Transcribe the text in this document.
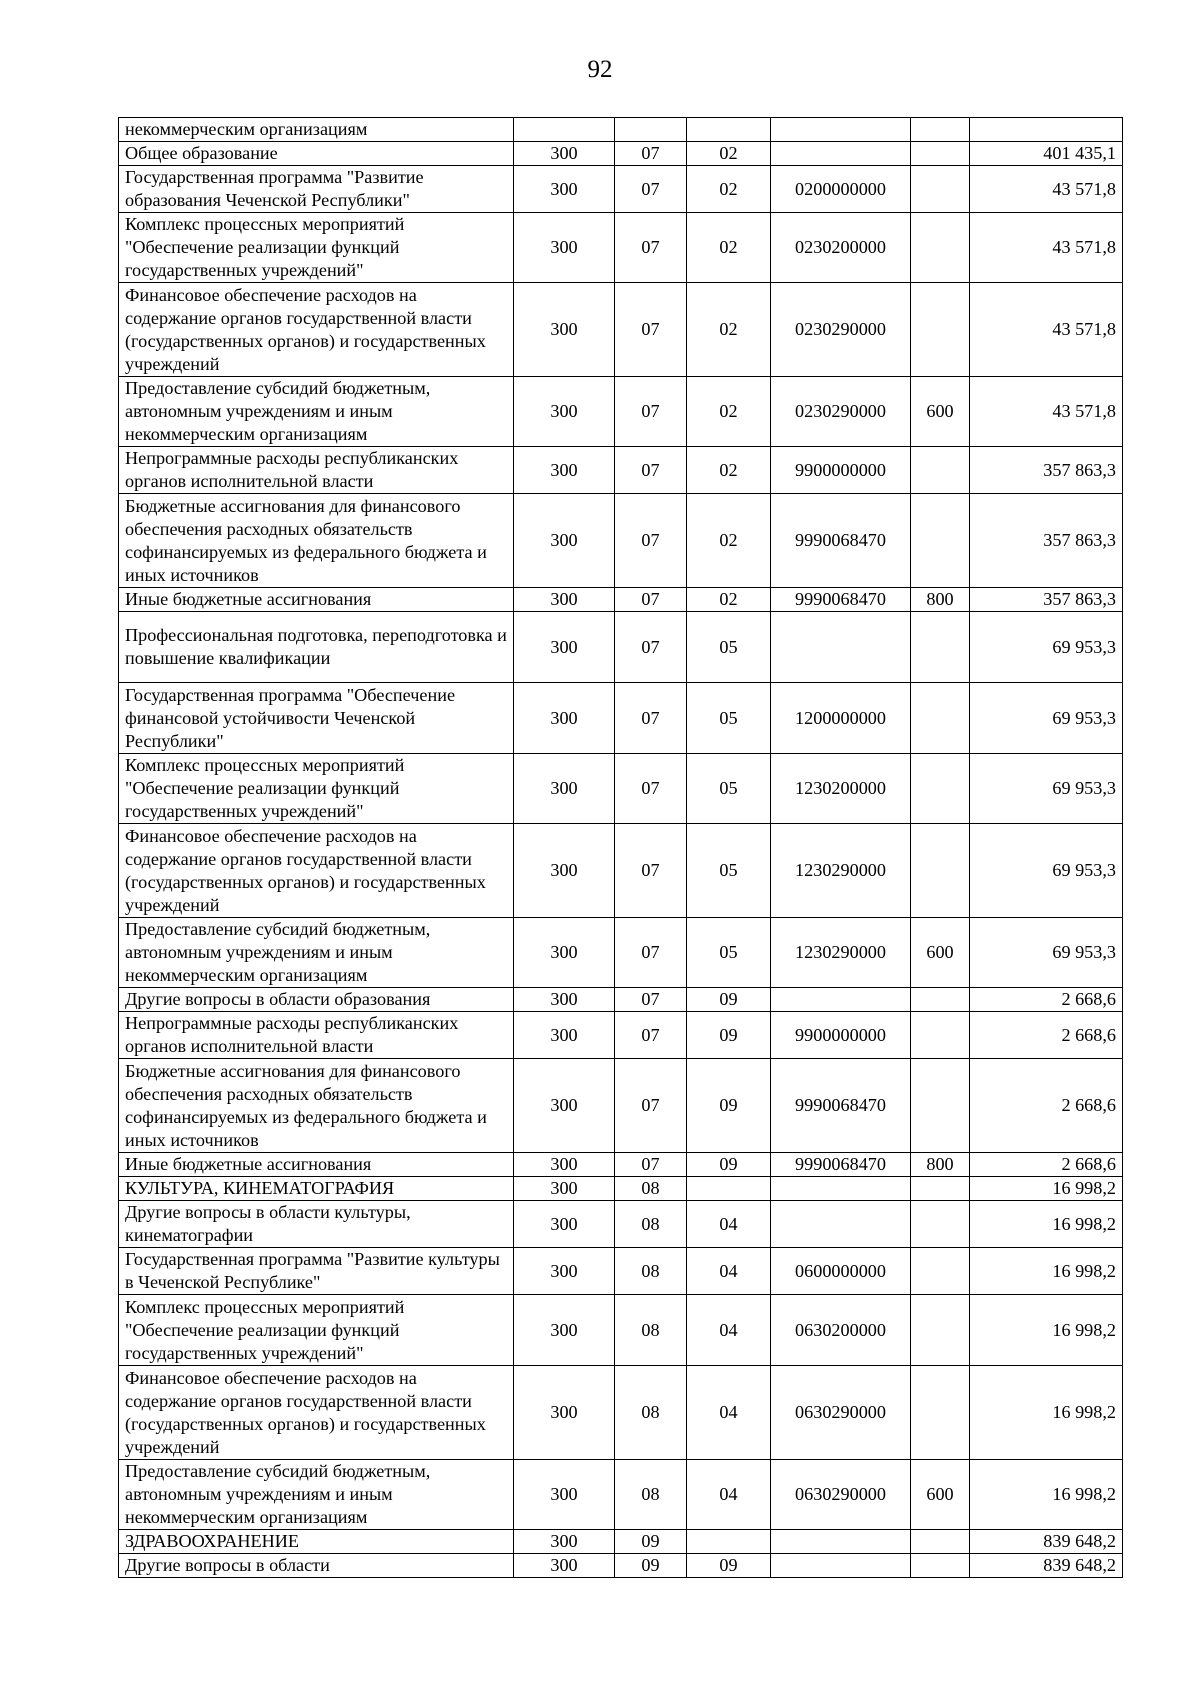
92
некоммерческим организациям						
Общее образование	300	07	02			401 435,1
Государственная программа "Развитие образования Чеченской Республики"	300	07	02	0200000000		43 571,8
Комплекс процессных мероприятий "Обеспечение реализации функций государственных учреждений"	300	07	02	0230200000		43 571,8
Финансовое обеспечение расходов на содержание органов государственной власти (государственных органов) и государственных учреждений	300	07	02	0230290000		43 571,8
Предоставление субсидий бюджетным, автономным учреждениям и иным некоммерческим организациям	300	07	02	0230290000	600	43 571,8
Непрограммные расходы республиканских органов исполнительной власти	300	07	02	9900000000		357 863,3
Бюджетные ассигнования для финансового обеспечения расходных обязательств софинансируемых из федерального бюджета и иных источников	300	07	02	9990068470		357 863,3
Иные бюджетные ассигнования	300	07	02	9990068470	800	357 863,3
Профессиональная подготовка, переподготовка и повышение квалификации	300	07	05			69 953,3
Государственная программа "Обеспечение финансовой устойчивости Чеченской Республики"	300	07	05	1200000000		69 953,3
Комплекс процессных мероприятий "Обеспечение реализации функций государственных учреждений"	300	07	05	1230200000		69 953,3
Финансовое обеспечение расходов на содержание органов государственной власти (государственных органов) и государственных учреждений	300	07	05	1230290000		69 953,3
Предоставление субсидий бюджетным, автономным учреждениям и иным некоммерческим организациям	300	07	05	1230290000	600	69 953,3
Другие вопросы в области образования	300	07	09			2 668,6
Непрограммные расходы республиканских органов исполнительной власти	300	07	09	9900000000		2 668,6
Бюджетные ассигнования для финансового обеспечения расходных обязательств софинансируемых из федерального бюджета и иных источников	300	07	09	9990068470		2 668,6
Иные бюджетные ассигнования	300	07	09	9990068470	800	2 668,6
КУЛЬТУРА, КИНЕМАТОГРАФИЯ	300	08				16 998,2
Другие вопросы в области культуры, кинематографии	300	08	04			16 998,2
Государственная программа "Развитие культуры в Чеченской Республике"	300	08	04	0600000000		16 998,2
Комплекс процессных мероприятий "Обеспечение реализации функций государственных учреждений"	300	08	04	0630200000		16 998,2
Финансовое обеспечение расходов на содержание органов государственной власти (государственных органов) и государственных учреждений	300	08	04	0630290000		16 998,2
Предоставление субсидий бюджетным, автономным учреждениям и иным некоммерческим организациям	300	08	04	0630290000	600	16 998,2
ЗДРАВООХРАНЕНИЕ	300	09				839 648,2
Другие вопросы в области	300	09	09			839 648,2
